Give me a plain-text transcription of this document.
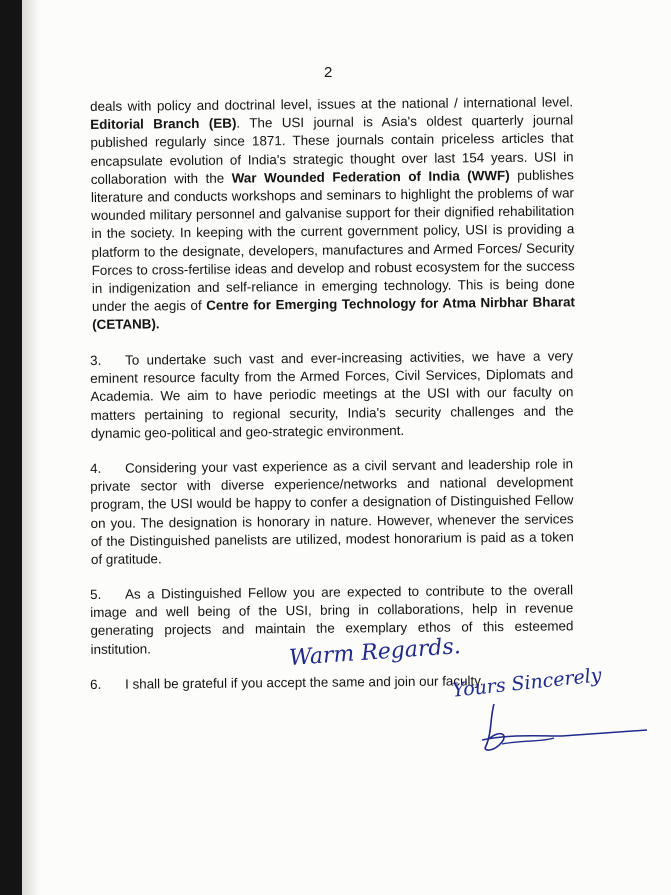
2

deals with policy and doctrinal level, issues at the national / international level. Editorial Branch (EB). The USI journal is Asia's oldest quarterly journal published regularly since 1871. These journals contain priceless articles that encapsulate evolution of India's strategic thought over last 154 years. USI in collaboration with the War Wounded Federation of India (WWF) publishes literature and conducts workshops and seminars to highlight the problems of war wounded military personnel and galvanise support for their dignified rehabilitation in the society. In keeping with the current government policy, USI is providing a platform to the designate, developers, manufactures and Armed Forces/ Security Forces to cross-fertilise ideas and develop and robust ecosystem for the success in indigenization and self-reliance in emerging technology. This is being done under the aegis of Centre for Emerging Technology for Atma Nirbhar Bharat (CETANB).

3. To undertake such vast and ever-increasing activities, we have a very eminent resource faculty from the Armed Forces, Civil Services, Diplomats and Academia. We aim to have periodic meetings at the USI with our faculty on matters pertaining to regional security, India's security challenges and the dynamic geo-political and geo-strategic environment.

4. Considering your vast experience as a civil servant and leadership role in private sector with diverse experience/networks and national development program, the USI would be happy to confer a designation of Distinguished Fellow on you. The designation is honorary in nature. However, whenever the services of the Distinguished panelists are utilized, modest honorarium is paid as a token of gratitude.

5. As a Distinguished Fellow you are expected to contribute to the overall image and well being of the USI, bring in collaborations, help in revenue generating projects and maintain the exemplary ethos of this esteemed institution.

6. I shall be grateful if you accept the same and join our faculty.

Warm Regards.
Yours Sincerely
